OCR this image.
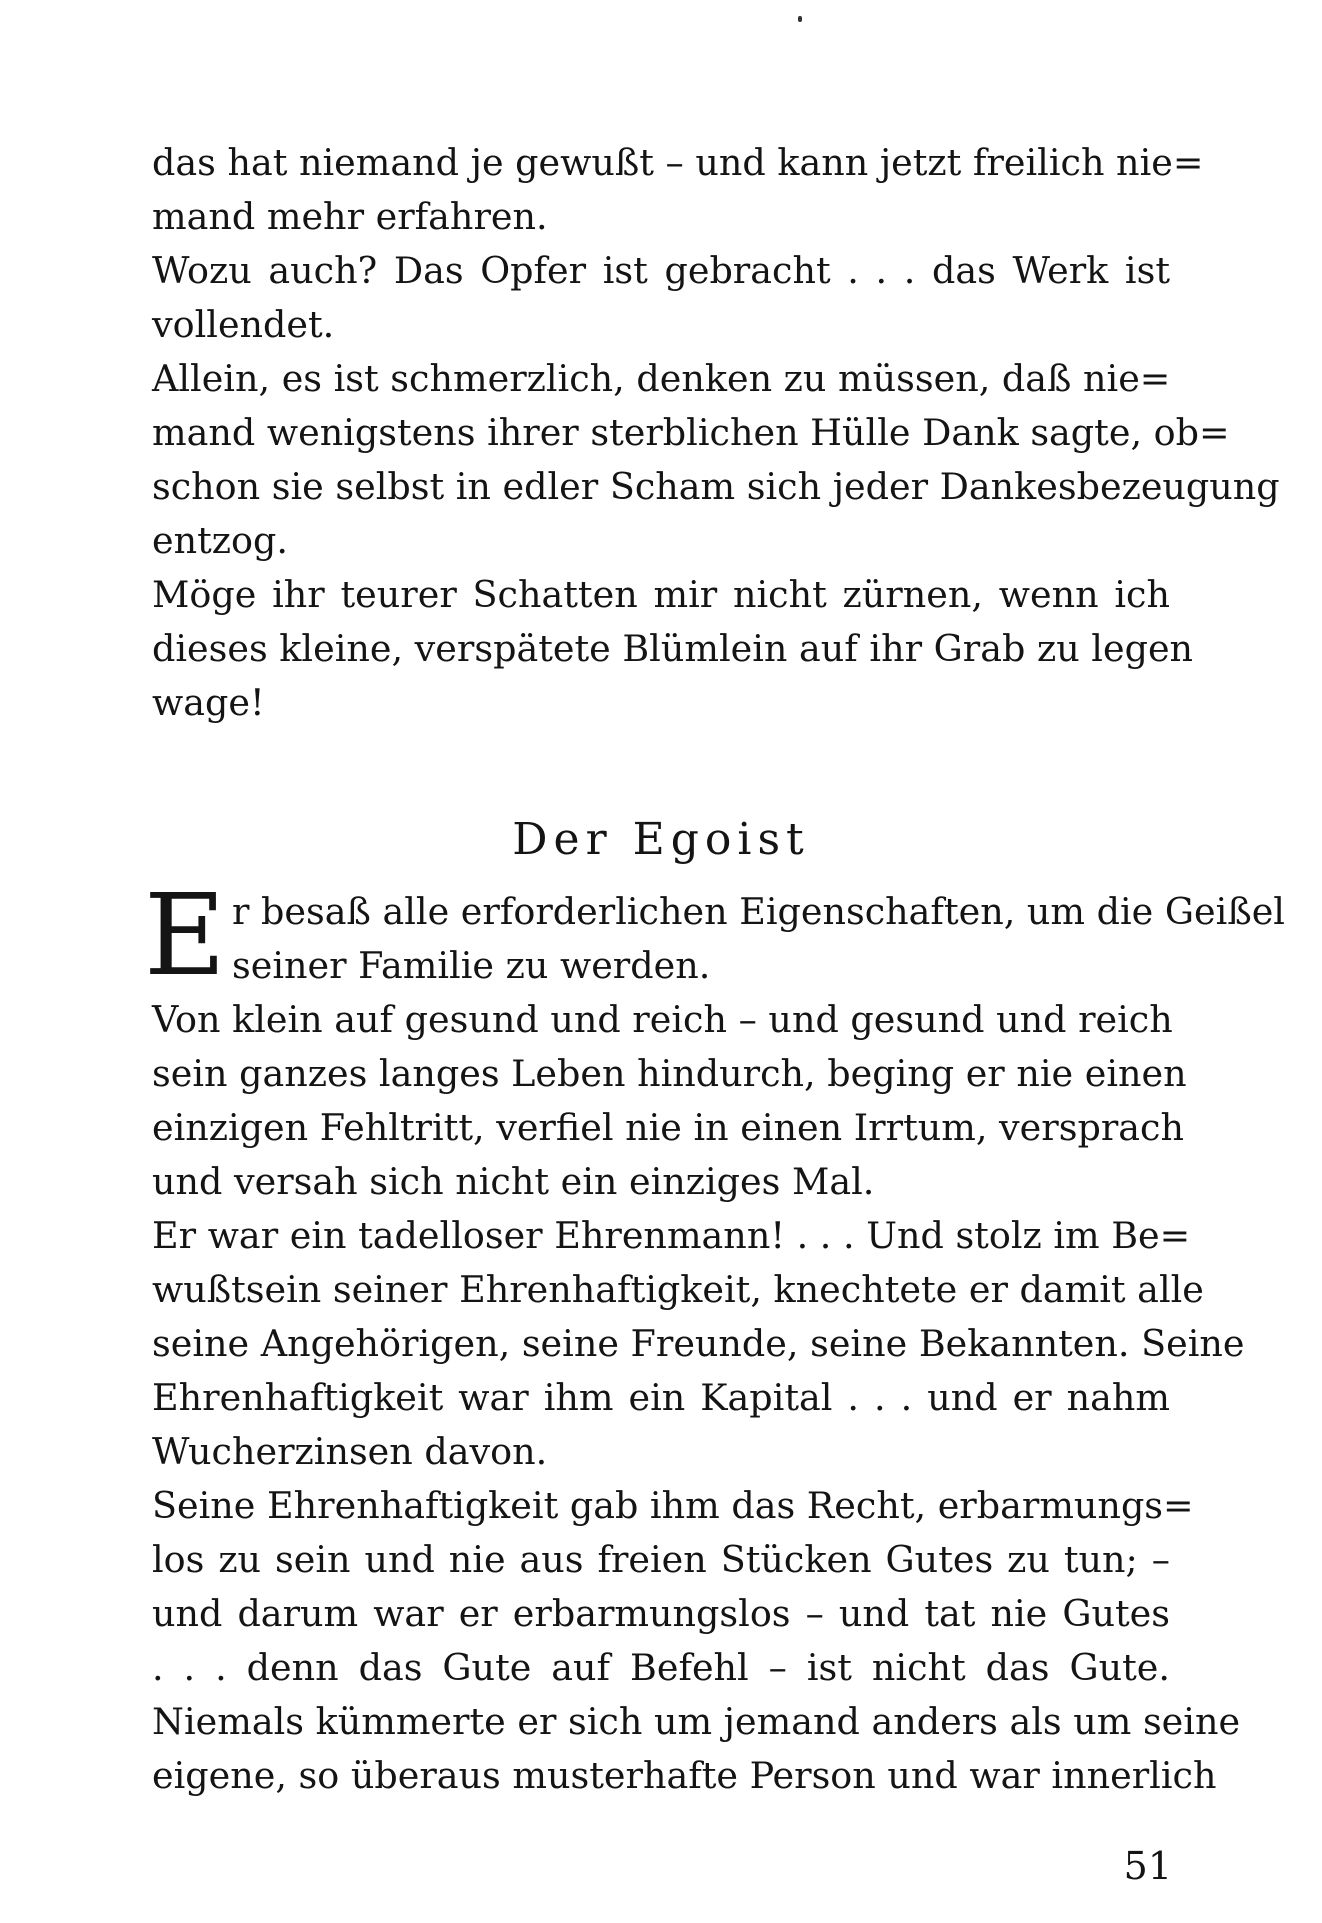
das hat niemand je gewußt – und kann jetzt freilich nie=
mand mehr erfahren.
Wozu auch? Das Opfer ist gebracht . . . das Werk ist
vollendet.
Allein, es ist schmerzlich, denken zu müssen, daß nie=
mand wenigstens ihrer sterblichen Hülle Dank sagte, ob=
schon sie selbst in edler Scham sich jeder Dankesbezeugung
entzog.
Möge ihr teurer Schatten mir nicht zürnen, wenn ich
dieses kleine, verspätete Blümlein auf ihr Grab zu legen
wage!
Der Egoist
E r besaß alle erforderlichen Eigenschaften, um die Geißel
seiner Familie zu werden.
Von klein auf gesund und reich – und gesund und reich
sein ganzes langes Leben hindurch, beging er nie einen
einzigen Fehltritt, verfiel nie in einen Irrtum, versprach
und versah sich nicht ein einziges Mal.
Er war ein tadelloser Ehrenmann! . . . Und stolz im Be=
wußtsein seiner Ehrenhaftigkeit, knechtete er damit alle
seine Angehörigen, seine Freunde, seine Bekannten. Seine
Ehrenhaftigkeit war ihm ein Kapital . . . und er nahm
Wucherzinsen davon.
Seine Ehrenhaftigkeit gab ihm das Recht, erbarmungs=
los zu sein und nie aus freien Stücken Gutes zu tun; –
und darum war er erbarmungslos – und tat nie Gutes
. . . denn das Gute auf Befehl – ist nicht das Gute.
Niemals kümmerte er sich um jemand anders als um seine
eigene, so überaus musterhafte Person und war innerlich
51
